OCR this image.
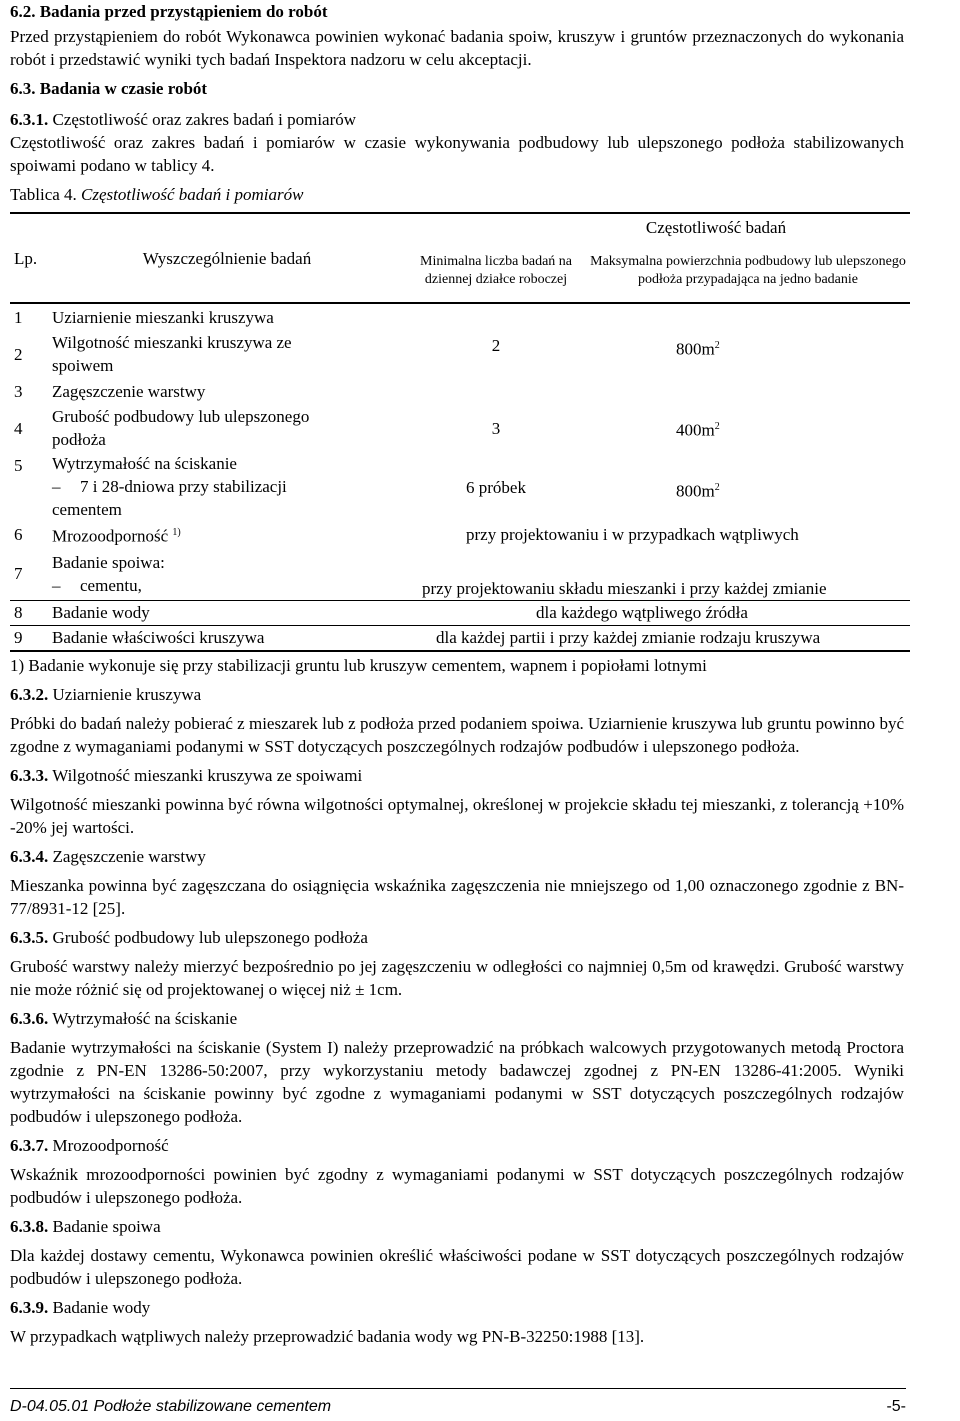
6.2. Badania przed przystąpieniem do robót

Przed przystąpieniem do robót Wykonawca powinien wykonać badania spoiw, kruszyw i gruntów przeznaczonych do wykonania robót i przedstawić wyniki tych badań Inspektora nadzoru w celu akceptacji.

6.3. Badania w czasie robót

6.3.1. Częstotliwość oraz zakres badań i pomiarów

Częstotliwość oraz zakres badań i pomiarów w czasie wykonywania podbudowy lub ulepszonego podłoża stabilizowanych spoiwami podano w tablicy 4.

Tablica 4. Częstotliwość badań i pomiarów

Lp.	Wyszczególnienie badań	Częstotliwość badań	
		Minimalna liczba badań na dziennej działce roboczej	Maksymalna powierzchnia podbudowy lub ulepszonego podłoża przypadająca na jedno badanie
1	Uziarnienie mieszanki kruszywa		
2	Wilgotność mieszanki kruszywa ze spoiwem	2	$800m^2$
3	Zagęszczenie warstwy		
4	Grubość podbudowy lub ulepszonego podłoża	3	$400m^2$
5	Wytrzymałość na ściskanie
– 7 i 28-dniowa przy stabilizacji cementem	6 próbek	$800m^2$
6	Mrozoodporność $^{1)}$	przy projektowaniu i w przypadkach wątpliwych	
7	Badanie spoiwa:
– cementu,	przy projektowaniu składu mieszanki i przy każdej zmianie	
8	Badanie wody	dla każdego wątpliwego źródła	
9	Badanie właściwości kruszywa	dla każdej partii i przy każdej zmianie rodzaju kruszywa	

1) Badanie wykonuje się przy stabilizacji gruntu lub kruszyw cementem, wapnem i popiołami lotnymi

6.3.2. Uziarnienie kruszywa

Próbki do badań należy pobierać z mieszarek lub z podłoża przed podaniem spoiwa. Uziarnienie kruszywa lub gruntu powinno być zgodne z wymaganiami podanymi w SST dotyczących poszczególnych rodzajów podbudów i ulepszonego podłoża.

6.3.3. Wilgotność mieszanki kruszywa ze spoiwami

Wilgotność mieszanki powinna być równa wilgotności optymalnej, określonej w projekcie składu tej mieszanki, z tolerancją +10% -20% jej wartości.

6.3.4. Zagęszczenie warstwy

Mieszanka powinna być zagęszczana do osiągnięcia wskaźnika zagęszczenia nie mniejszego od 1,00 oznaczonego zgodnie z BN-77/8931-12 [25].

6.3.5. Grubość podbudowy lub ulepszonego podłoża

Grubość warstwy należy mierzyć bezpośrednio po jej zagęszczeniu w odległości co najmniej 0,5m od krawędzi. Grubość warstwy nie może różnić się od projektowanej o więcej niż ± 1cm.

6.3.6. Wytrzymałość na ściskanie

Badanie wytrzymałości na ściskanie (System I) należy przeprowadzić na próbkach walcowych przygotowanych metodą Proctora zgodnie z PN-EN 13286-50:2007, przy wykorzystaniu metody badawczej zgodnej z PN-EN 13286-41:2005. Wyniki wytrzymałości na ściskanie powinny być zgodne z wymaganiami podanymi w SST dotyczących poszczególnych rodzajów podbudów i ulepszonego podłoża.

6.3.7. Mrozoodporność

Wskaźnik mrozoodporności powinien być zgodny z wymaganiami podanymi w SST dotyczących poszczególnych rodzajów podbudów i ulepszonego podłoża.

6.3.8. Badanie spoiwa

Dla każdej dostawy cementu, Wykonawca powinien określić właściwości podane w SST dotyczących poszczególnych rodzajów podbudów i ulepszonego podłoża.

6.3.9. Badanie wody

W przypadkach wątpliwych należy przeprowadzić badania wody wg PN-B-32250:1988 [13].

D-04.05.01 Podłoże stabilizowane cementem	-5-
